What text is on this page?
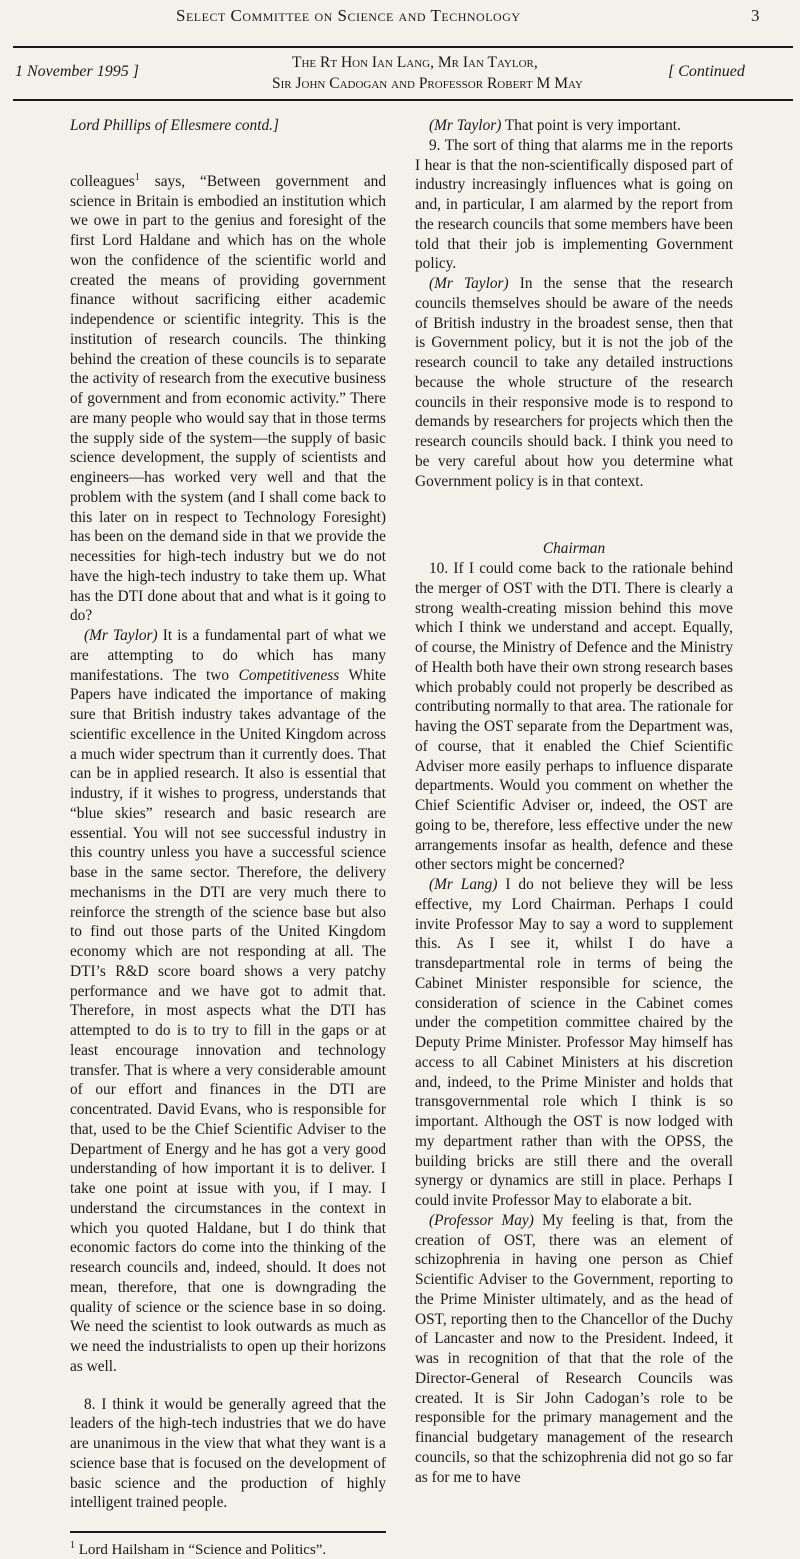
Select Committee on Science and Technology	3
1 November 1995 ]
The Rt Hon Ian Lang, Mr Ian Taylor,
Sir John Cadogan and Professor Robert M May
[ Continued

Lord Phillips of Ellesmere contd.]

colleagues$^1$ says, “Between government and science in Britain is embodied an institution which we owe in part to the genius and foresight of the first Lord Haldane and which has on the whole won the confidence of the scientific world and created the means of providing government finance without sacrificing either academic independence or scientific integrity. This is the institution of research councils. The thinking behind the creation of these councils is to separate the activity of research from the executive business of government and from economic activity.” There are many people who would say that in those terms the supply side of the system—the supply of basic science development, the supply of scientists and engineers—has worked very well and that the problem with the system (and I shall come back to this later on in respect to Technology Foresight) has been on the demand side in that we provide the necessities for high-tech industry but we do not have the high-tech industry to take them up. What has the DTI done about that and what is it going to do?

(Mr Taylor) It is a fundamental part of what we are attempting to do which has many manifestations. The two Competitiveness White Papers have indicated the importance of making sure that British industry takes advantage of the scientific excellence in the United Kingdom across a much wider spectrum than it currently does. That can be in applied research. It also is essential that industry, if it wishes to progress, understands that “blue skies” research and basic research are essential. You will not see successful industry in this country unless you have a successful science base in the same sector. Therefore, the delivery mechanisms in the DTI are very much there to reinforce the strength of the science base but also to find out those parts of the United Kingdom economy which are not responding at all. The DTI’s R&D score board shows a very patchy performance and we have got to admit that. Therefore, in most aspects what the DTI has attempted to do is to try to fill in the gaps or at least encourage innovation and technology transfer. That is where a very considerable amount of our effort and finances in the DTI are concentrated. David Evans, who is responsible for that, used to be the Chief Scientific Adviser to the Department of Energy and he has got a very good understanding of how important it is to deliver. I take one point at issue with you, if I may. I understand the circumstances in the context in which you quoted Haldane, but I do think that economic factors do come into the thinking of the research councils and, indeed, should. It does not mean, therefore, that one is downgrading the quality of science or the science base in so doing. We need the scientist to look outwards as much as we need the industrialists to open up their horizons as well.

8. I think it would be generally agreed that the leaders of the high-tech industries that we do have are unanimous in the view that what they want is a science base that is focused on the development of basic science and the production of highly intelligent trained people.

$^1$ Lord Hailsham in “Science and Politics”.

(Mr Taylor) That point is very important.

9. The sort of thing that alarms me in the reports I hear is that the non-scientifically disposed part of industry increasingly influences what is going on and, in particular, I am alarmed by the report from the research councils that some members have been told that their job is implementing Government policy.

(Mr Taylor) In the sense that the research councils themselves should be aware of the needs of British industry in the broadest sense, then that is Government policy, but it is not the job of the research council to take any detailed instructions because the whole structure of the research councils in their responsive mode is to respond to demands by researchers for projects which then the research councils should back. I think you need to be very careful about how you determine what Government policy is in that context.

Chairman

10. If I could come back to the rationale behind the merger of OST with the DTI. There is clearly a strong wealth-creating mission behind this move which I think we understand and accept. Equally, of course, the Ministry of Defence and the Ministry of Health both have their own strong research bases which probably could not properly be described as contributing normally to that area. The rationale for having the OST separate from the Department was, of course, that it enabled the Chief Scientific Adviser more easily perhaps to influence disparate departments. Would you comment on whether the Chief Scientific Adviser or, indeed, the OST are going to be, therefore, less effective under the new arrangements insofar as health, defence and these other sectors might be concerned?

(Mr Lang) I do not believe they will be less effective, my Lord Chairman. Perhaps I could invite Professor May to say a word to supplement this. As I see it, whilst I do have a transdepartmental role in terms of being the Cabinet Minister responsible for science, the consideration of science in the Cabinet comes under the competition committee chaired by the Deputy Prime Minister. Professor May himself has access to all Cabinet Ministers at his discretion and, indeed, to the Prime Minister and holds that transgovernmental role which I think is so important. Although the OST is now lodged with my department rather than with the OPSS, the building bricks are still there and the overall synergy or dynamics are still in place. Perhaps I could invite Professor May to elaborate a bit.

(Professor May) My feeling is that, from the creation of OST, there was an element of schizophrenia in having one person as Chief Scientific Adviser to the Government, reporting to the Prime Minister ultimately, and as the head of OST, reporting then to the Chancellor of the Duchy of Lancaster and now to the President. Indeed, it was in recognition of that that the role of the Director-General of Research Councils was created. It is Sir John Cadogan’s role to be responsible for the primary management and the financial budgetary management of the research councils, so that the schizophrenia did not go so far as for me to have
